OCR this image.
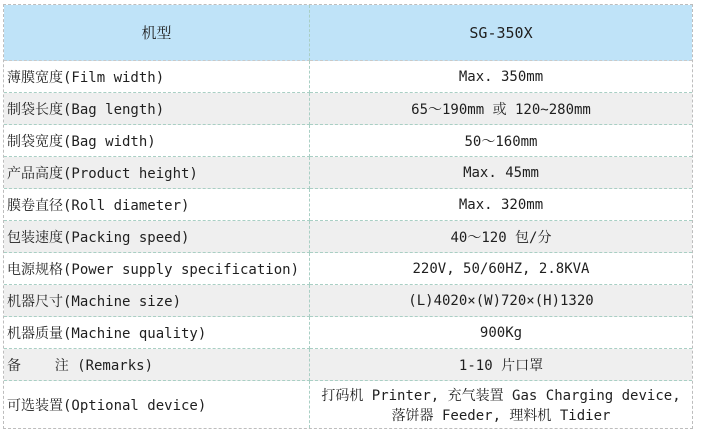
机型	SG-350X
薄膜宽度(Film width)	Max. 350mm
制袋长度(Bag length)	65～190mm 或 120~280mm
制袋宽度(Bag width)	50～160mm
产品高度(Product height)	Max. 45mm
膜卷直径(Roll diameter)	Max. 320mm
包装速度(Packing speed)	40～120 包/分
电源规格(Power supply specification)	220V, 50/60HZ, 2.8KVA
机器尺寸(Machine size)	(L)4020×(W)720×(H)1320
机器质量(Machine quality)	900Kg
备    注 (Remarks)	1-10 片口罩
可选装置(Optional device)	打码机 Printer, 充气装置 Gas Charging device, 落饼器 Feeder, 理料机 Tidier
